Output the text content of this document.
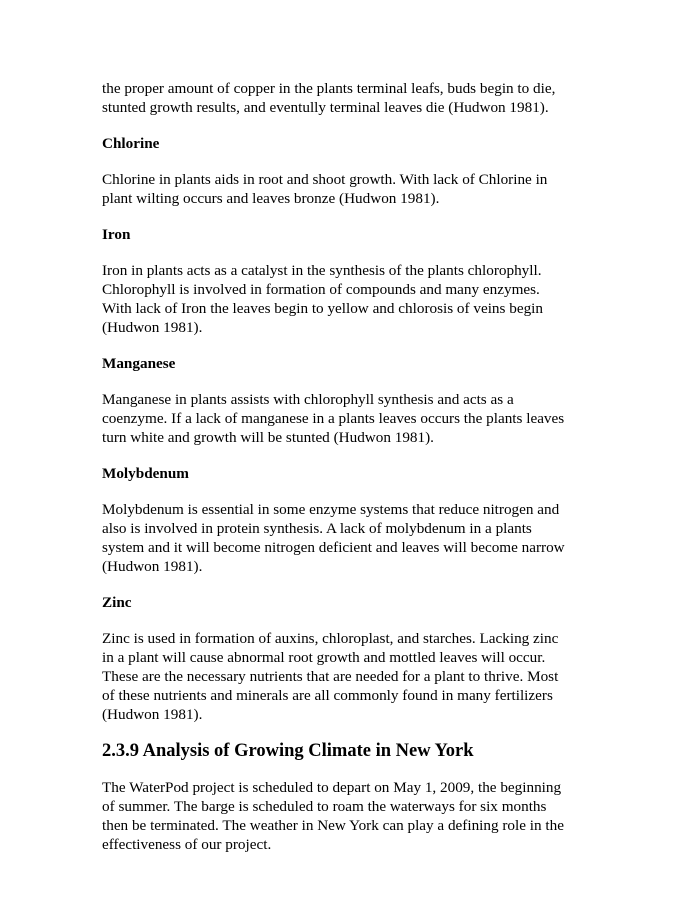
the proper amount of copper in the plants terminal leafs, buds begin to die,
stunted growth results, and eventully terminal leaves die (Hudwon 1981).

Chlorine

Chlorine in plants aids in root and shoot growth. With lack of Chlorine in
plant wilting occurs and leaves bronze (Hudwon 1981).

Iron

Iron in plants acts as a catalyst in the synthesis of the plants chlorophyll.
Chlorophyll is involved in formation of compounds and many enzymes.
With lack of Iron the leaves begin to yellow and chlorosis of veins begin
(Hudwon 1981).

Manganese

Manganese in plants assists with chlorophyll synthesis and acts as a
coenzyme. If a lack of manganese in a plants leaves occurs the plants leaves
turn white and growth will be stunted (Hudwon 1981).

Molybdenum

Molybdenum is essential in some enzyme systems that reduce nitrogen and
also is involved in protein synthesis. A lack of molybdenum in a plants
system and it will become nitrogen deficient and leaves will become narrow
(Hudwon 1981).

Zinc

Zinc is used in formation of auxins, chloroplast, and starches. Lacking zinc
in a plant will cause abnormal root growth and mottled leaves will occur.
These are the necessary nutrients that are needed for a plant to thrive. Most
of these nutrients and minerals are all commonly found in many fertilizers
(Hudwon 1981).

2.3.9 Analysis of Growing Climate in New York

The WaterPod project is scheduled to depart on May 1, 2009, the beginning
of summer. The barge is scheduled to roam the waterways for six months
then be terminated. The weather in New York can play a defining role in the
effectiveness of our project.
